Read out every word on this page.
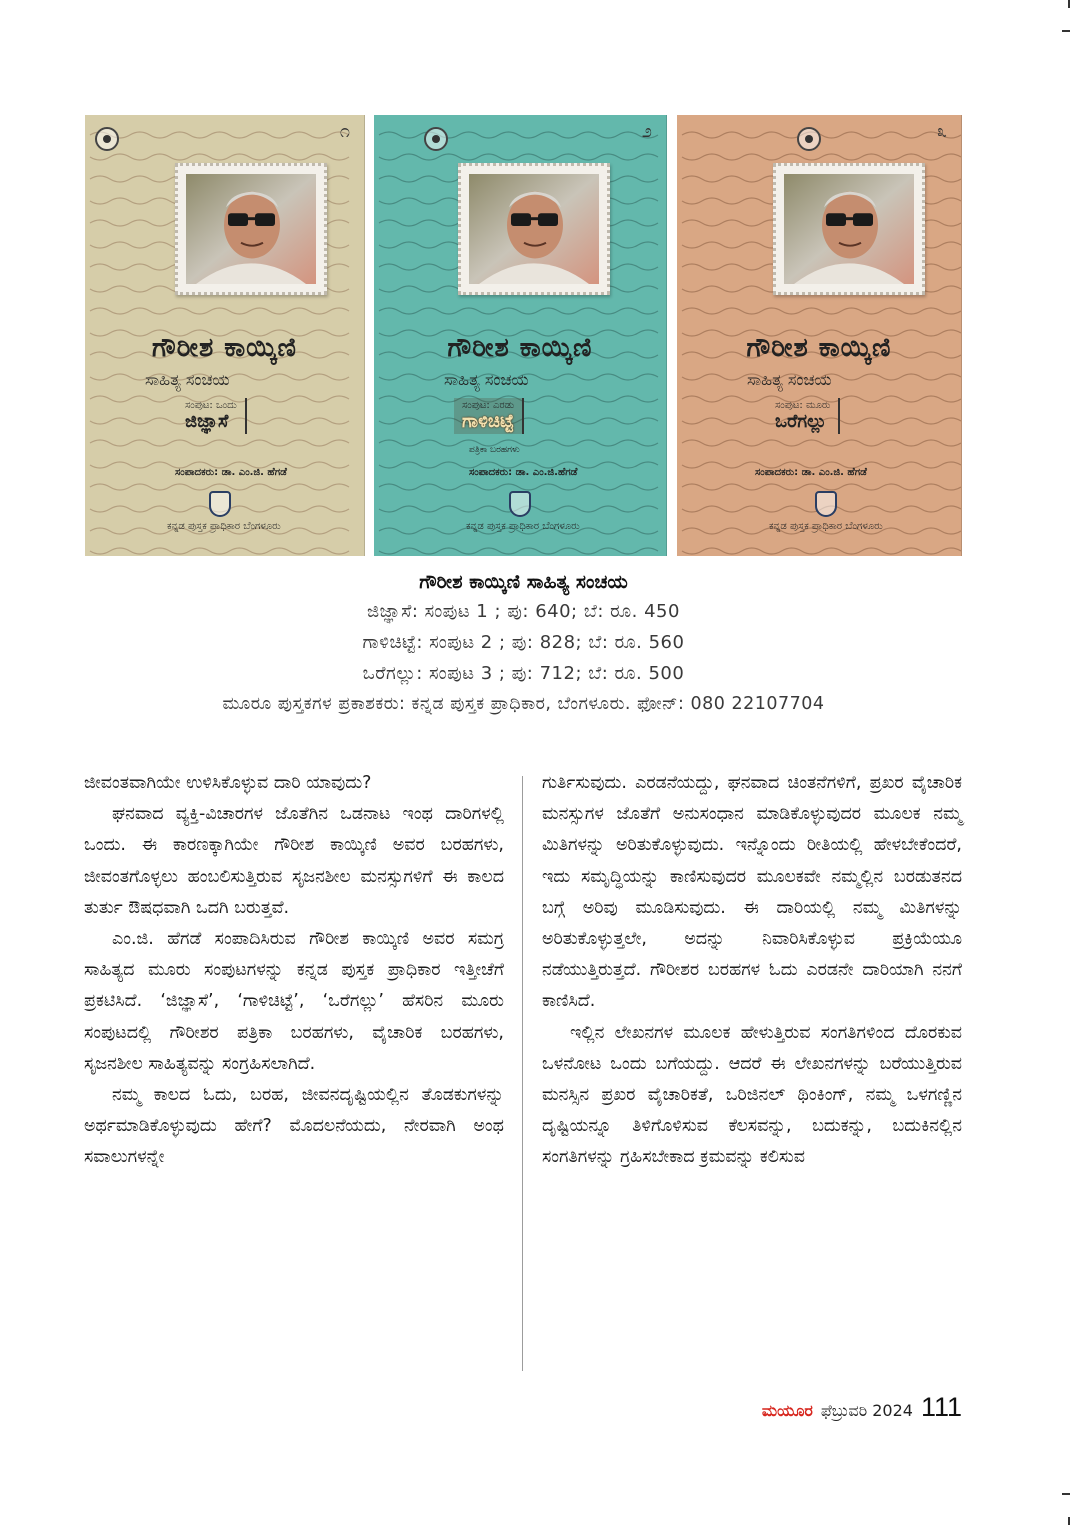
೧
ಗೌರೀಶ ಕಾಯ್ಕಿಣಿ
ಸಾಹಿತ್ಯ ಸಂಚಯ
ಸಂಪುಟ: ಒಂದು
ಜಿಜ್ಞಾಸೆ
ಸಂಪಾದಕರು: ಡಾ. ಎಂ.ಜಿ. ಹೆಗಡೆ
ಕನ್ನಡ ಪುಸ್ತಕ ಪ್ರಾಧಿಕಾರ ಬೆಂಗಳೂರು
೨
ಗೌರೀಶ ಕಾಯ್ಕಿಣಿ
ಸಾಹಿತ್ಯ ಸಂಚಯ
ಸಂಪುಟ: ಎರಡು
ಗಾಳಿಚಿಟ್ಟೆ
ಪತ್ರಿಕಾ ಬರಹಗಳು
ಸಂಪಾದಕರು: ಡಾ. ಎಂ.ಜಿ.ಹೆಗಡೆ
ಕನ್ನಡ ಪುಸ್ತಕ ಪ್ರಾಧಿಕಾರ ಬೆಂಗಳೂರು
೩
ಗೌರೀಶ ಕಾಯ್ಕಿಣಿ
ಸಾಹಿತ್ಯ ಸಂಚಯ
ಸಂಪುಟ: ಮೂರು
ಒರೆಗಲ್ಲು
ಸಂಪಾದಕರು: ಡಾ. ಎಂ.ಜಿ. ಹೆಗಡೆ
ಕನ್ನಡ ಪುಸ್ತಕ ಪ್ರಾಧಿಕಾರ ಬೆಂಗಳೂರು
ಗೌರೀಶ ಕಾಯ್ಕಿಣಿ ಸಾಹಿತ್ಯ ಸಂಚಯ
ಜಿಜ್ಞಾಸೆ: ಸಂಪುಟ 1 ; ಪು: 640; ಬೆ: ರೂ. 450
ಗಾಳಿಚಿಟ್ಟೆ: ಸಂಪುಟ 2 ; ಪು: 828; ಬೆ: ರೂ. 560
ಒರೆಗಲ್ಲು: ಸಂಪುಟ 3 ; ಪು: 712; ಬೆ: ರೂ. 500
ಮೂರೂ ಪುಸ್ತಕಗಳ ಪ್ರಕಾಶಕರು: ಕನ್ನಡ ಪುಸ್ತಕ ಪ್ರಾಧಿಕಾರ, ಬೆಂಗಳೂರು. ಫೋನ್: 080 22107704

ಜೀವಂತವಾಗಿಯೇ ಉಳಿಸಿಕೊಳ್ಳುವ ದಾರಿ ಯಾವುದು?

ಘನವಾದ ವ್ಯಕ್ತಿ-ವಿಚಾರಗಳ ಜೊತೆಗಿನ ಒಡನಾಟ ಇಂಥ ದಾರಿಗಳಲ್ಲಿ ಒಂದು. ಈ ಕಾರಣಕ್ಕಾಗಿಯೇ ಗೌರೀಶ ಕಾಯ್ಕಿಣಿ ಅವರ ಬರಹಗಳು, ಜೀವಂತಗೊಳ್ಳಲು ಹಂಬಲಿಸುತ್ತಿರುವ ಸೃಜನಶೀಲ ಮನಸ್ಸುಗಳಿಗೆ ಈ ಕಾಲದ ತುರ್ತು ಔಷಧವಾಗಿ ಒದಗಿ ಬರುತ್ತವೆ.

ಎಂ.ಜಿ. ಹೆಗಡೆ ಸಂಪಾದಿಸಿರುವ ಗೌರೀಶ ಕಾಯ್ಕಿಣಿ ಅವರ ಸಮಗ್ರ ಸಾಹಿತ್ಯದ ಮೂರು ಸಂಪುಟಗಳನ್ನು ಕನ್ನಡ ಪುಸ್ತಕ ಪ್ರಾಧಿಕಾರ ಇತ್ತೀಚೆಗೆ ಪ್ರಕಟಿಸಿದೆ. ‘ಜಿಜ್ಞಾಸೆ’, ‘ಗಾಳಿಚಿಟ್ಟೆ’, ‘ಒರೆಗಲ್ಲು’ ಹೆಸರಿನ ಮೂರು ಸಂಪುಟದಲ್ಲಿ ಗೌರೀಶರ ಪತ್ರಿಕಾ ಬರಹಗಳು, ವೈಚಾರಿಕ ಬರಹಗಳು, ಸೃಜನಶೀಲ ಸಾಹಿತ್ಯವನ್ನು ಸಂಗ್ರಹಿಸಲಾಗಿದೆ.

ನಮ್ಮ ಕಾಲದ ಓದು, ಬರಹ, ಜೀವನದೃಷ್ಟಿಯಲ್ಲಿನ ತೊಡಕುಗಳನ್ನು ಅರ್ಥಮಾಡಿಕೊಳ್ಳುವುದು ಹೇಗೆ? ಮೊದಲನೆಯದು, ನೇರವಾಗಿ ಅಂಥ ಸವಾಲುಗಳನ್ನೇ

ಗುರ್ತಿಸುವುದು. ಎರಡನೆಯದ್ದು, ಘನವಾದ ಚಿಂತನೆಗಳಿಗೆ, ಪ್ರಖರ ವೈಚಾರಿಕ ಮನಸ್ಸುಗಳ ಜೊತೆಗೆ ಅನುಸಂಧಾನ ಮಾಡಿಕೊಳ್ಳುವುದರ ಮೂಲಕ ನಮ್ಮ ಮಿತಿಗಳನ್ನು ಅರಿತುಕೊಳ್ಳುವುದು. ಇನ್ನೊಂದು ರೀತಿಯಲ್ಲಿ ಹೇಳಬೇಕೆಂದರೆ, ಇದು ಸಮೃದ್ಧಿಯನ್ನು ಕಾಣಿಸುವುದರ ಮೂಲಕವೇ ನಮ್ಮಲ್ಲಿನ ಬರಡುತನದ ಬಗ್ಗೆ ಅರಿವು ಮೂಡಿಸುವುದು. ಈ ದಾರಿಯಲ್ಲಿ ನಮ್ಮ ಮಿತಿಗಳನ್ನು ಅರಿತುಕೊಳ್ಳುತ್ತಲೇ, ಅದನ್ನು ನಿವಾರಿಸಿಕೊಳ್ಳುವ ಪ್ರಕ್ರಿಯೆಯೂ ನಡೆಯುತ್ತಿರುತ್ತದೆ. ಗೌರೀಶರ ಬರಹಗಳ ಓದು ಎರಡನೇ ದಾರಿಯಾಗಿ ನನಗೆ ಕಾಣಿಸಿದೆ.

ಇಲ್ಲಿನ ಲೇಖನಗಳ ಮೂಲಕ ಹೇಳುತ್ತಿರುವ ಸಂಗತಿಗಳಿಂದ ದೊರಕುವ ಒಳನೋಟ ಒಂದು ಬಗೆಯದ್ದು. ಆದರೆ ಈ ಲೇಖನಗಳನ್ನು ಬರೆಯುತ್ತಿರುವ ಮನಸ್ಸಿನ ಪ್ರಖರ ವೈಚಾರಿಕತೆ, ಒರಿಜಿನಲ್ ಥಿಂಕಿಂಗ್, ನಮ್ಮ ಒಳಗಣ್ಣಿನ ದೃಷ್ಟಿಯನ್ನೂ ತಿಳಿಗೊಳಿಸುವ ಕೆಲಸವನ್ನು, ಬದುಕನ್ನು, ಬದುಕಿನಲ್ಲಿನ ಸಂಗತಿಗಳನ್ನು ಗ್ರಹಿಸಬೇಕಾದ ಕ್ರಮವನ್ನು ಕಲಿಸುವ

ಮಯೂರ ಫೆಬ್ರುವರಿ 2024 111
